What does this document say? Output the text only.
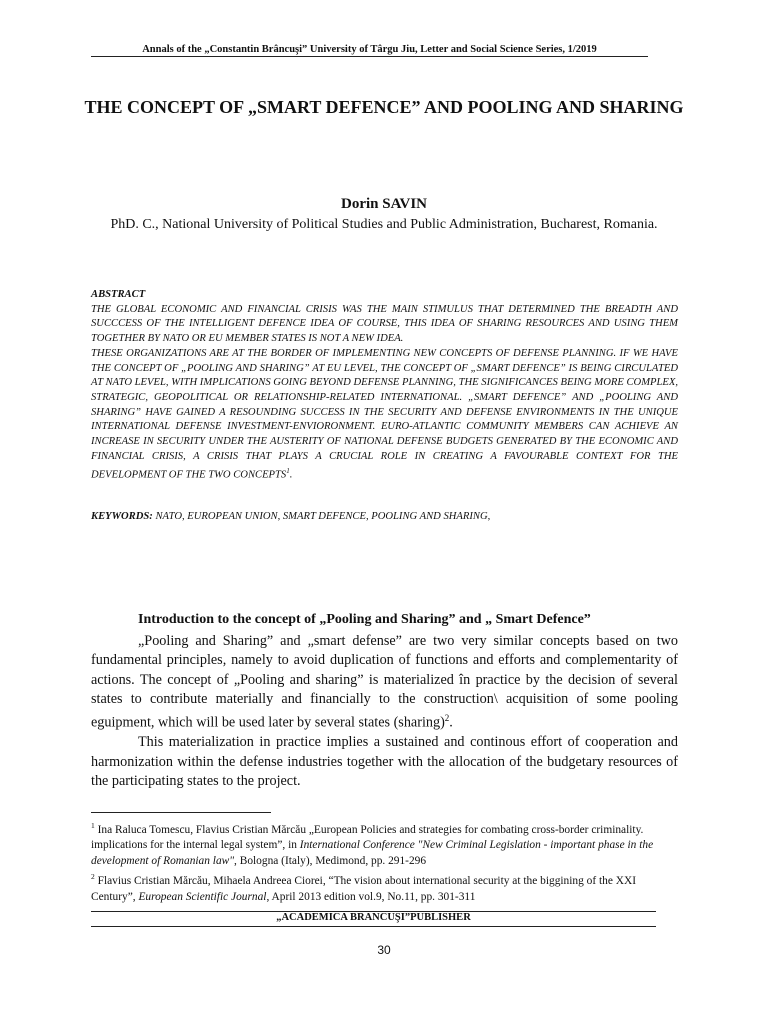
Annals of the „Constantin Brâncuşi” University of Târgu Jiu, Letter and Social Science Series, 1/2019
THE CONCEPT OF „SMART DEFENCE” AND POOLING AND SHARING
Dorin SAVIN
PhD. C., National University of Political Studies and Public Administration, Bucharest, Romania.
ABSTRACT

THE GLOBAL ECONOMIC AND FINANCIAL CRISIS WAS THE MAIN STIMULUS THAT DETERMINED THE BREADTH AND SUCCCESS OF THE INTELLIGENT DEFENCE IDEA OF COURSE, THIS IDEA OF SHARING RESOURCES AND USING THEM TOGETHER BY NATO OR EU MEMBER STATES IS NOT A NEW IDEA.

THESE ORGANIZATIONS ARE AT THE BORDER OF IMPLEMENTING NEW CONCEPTS OF DEFENSE PLANNING. IF WE HAVE THE CONCEPT OF „POOLING AND SHARING” AT EU LEVEL, THE CONCEPT OF „SMART DEFENCE” IS BEING CIRCULATED AT NATO LEVEL, WITH IMPLICATIONS GOING BEYOND DEFENSE PLANNING, THE SIGNIFICANCES BEING MORE COMPLEX, STRATEGIC, GEOPOLITICAL OR RELATIONSHIP-RELATED INTERNATIONAL. „SMART DEFENCE” AND „POOLING AND SHARING” HAVE GAINED A RESOUNDING SUCCESS IN THE SECURITY AND DEFENSE ENVIRONMENTS IN THE UNIQUE INTERNATIONAL DEFENSE INVESTMENT-ENVIORONMENT. EURO-ATLANTIC COMMUNITY MEMBERS CAN ACHIEVE AN INCREASE IN SECURITY UNDER THE AUSTERITY OF NATIONAL DEFENSE BUDGETS GENERATED BY THE ECONOMIC AND FINANCIAL CRISIS, A CRISIS THAT PLAYS A CRUCIAL ROLE IN CREATING A FAVOURABLE CONTEXT FOR THE DEVELOPMENT OF THE TWO CONCEPTS$^1$.

KEYWORDS: NATO, EUROPEAN UNION, SMART DEFENCE, POOLING AND SHARING,
Introduction to the concept of „Pooling and Sharing” and „ Smart Defence”

„Pooling and Sharing” and „smart defense” are two very similar concepts based on two fundamental principles, namely to avoid duplication of functions and efforts and complementarity of actions. The concept of „Pooling and sharing” is materialized în practice by the decision of several states to contribute materially and financially to the construction\ acquisition of some pooling eguipment, which will be used later by several states (sharing)$^2$.

This materialization in practice implies a sustained and continous effort of cooperation and harmonization within the defense industries together with the allocation of the budgetary resources of the participating states to the project.

$^1$ Ina Raluca Tomescu, Flavius Cristian Mărcău „European Policies and strategies for combating cross-border criminality. implications for the internal legal system”, in International Conference "New Criminal Legislation - important phase in the development of Romanian law", Bologna (Italy), Medimond, pp. 291-296

$^2$ Flavius Cristian Mărcău, Mihaela Andreea Ciorei, “The vision about international security at the biggining of the XXI Century”, European Scientific Journal, April 2013 edition vol.9, No.11, pp. 301-311

„ACADEMICA BRANCUŞI”PUBLISHER
30
